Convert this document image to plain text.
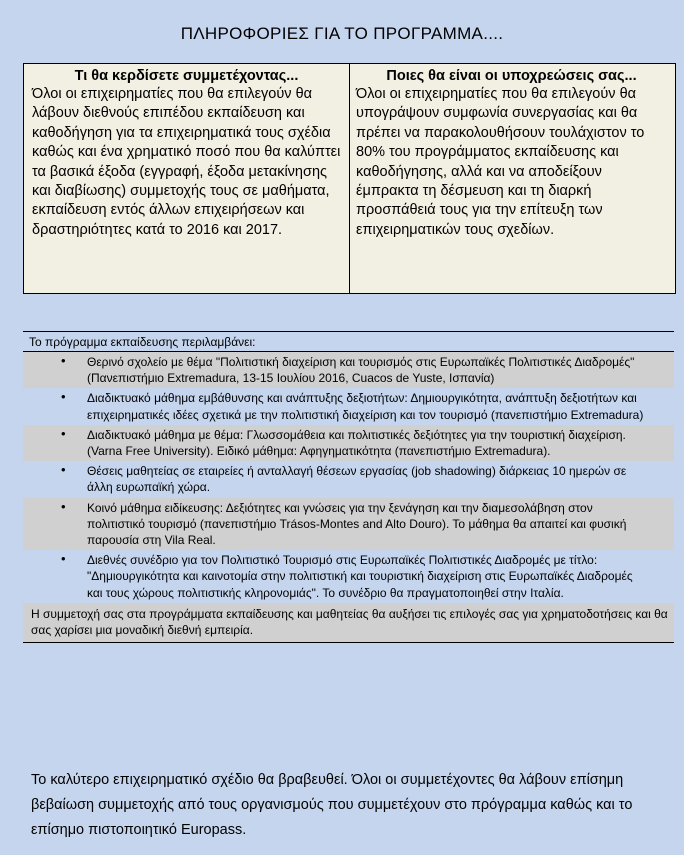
ΠΛΗΡΟΦΟΡΙΕΣ ΓΙΑ ΤΟ ΠΡΟΓΡΑΜΜΑ....
Τι θα κερδίσετε συμμετέχοντας...

Όλοι οι επιχειρηματίες που θα επιλεγούν θα λάβουν διεθνούς επιπέδου εκπαίδευση και καθοδήγηση για τα επιχειρηματικά τους σχέδια καθώς και ένα χρηματικό ποσό που θα καλύπτει τα βασικά έξοδα (εγγραφή, έξοδα μετακίνησης και διαβίωσης) συμμετοχής τους σε μαθήματα, εκπαίδευση εντός άλλων επιχειρήσεων και δραστηριότητες κατά το 2016 και 2017.

Ποιες θα είναι οι υποχρεώσεις σας...

Όλοι οι επιχειρηματίες που θα επιλεγούν θα υπογράψουν συμφωνία συνεργασίας και θα πρέπει να παρακολουθήσουν τουλάχιστον το 80% του προγράμματος εκπαίδευσης και καθοδήγησης, αλλά και να αποδείξουν έμπρακτα τη δέσμευση και τη διαρκή προσπάθειά τους για την επίτευξη των επιχειρηματικών τους σχεδίων.

Το πρόγραμμα εκπαίδευσης περιλαμβάνει:
• Θερινό σχολείο με θέμα "Πολιτιστική διαχείριση και τουρισμός στις Ευρωπαϊκές Πολιτιστικές Διαδρομές" (Πανεπιστήμιο Extremadura, 13-15 Ιουλίου 2016, Cuacos de Yuste, Ισπανία)
• Διαδικτυακό μάθημα εμβάθυνσης και ανάπτυξης δεξιοτήτων: Δημιουργικότητα, ανάπτυξη δεξιοτήτων και επιχειρηματικές ιδέες σχετικά με την πολιτιστική διαχείριση και τον τουρισμό (πανεπιστήμιο Extremadura)
• Διαδικτυακό μάθημα με θέμα: Γλωσσομάθεια και πολιτιστικές δεξιότητες για την τουριστική διαχείριση. (Varna Free University). Ειδικό μάθημα: Αφηγηματικότητα (πανεπιστήμιο Extremadura).
• Θέσεις μαθητείας σε εταιρείες ή ανταλλαγή θέσεων εργασίας (job shadowing) διάρκειας 10 ημερών σε άλλη ευρωπαϊκή χώρα.
• Κοινό μάθημα ειδίκευσης: Δεξιότητες και γνώσεις για την ξενάγηση και την διαμεσολάβηση στον πολιτιστικό τουρισμό (πανεπιστήμιο Trásos-Montes and Alto Douro). Το μάθημα θα απαιτεί και φυσική παρουσία στη Vila Real.
• Διεθνές συνέδριο για τον Πολιτιστικό Τουρισμό στις Ευρωπαϊκές Πολιτιστικές Διαδρομές με τίτλο: "Δημιουργικότητα και καινοτομία στην πολιτιστική και τουριστική διαχείριση στις Ευρωπαϊκές Διαδρομές και τους χώρους πολιτιστικής κληρονομιάς". Το συνέδριο θα πραγματοποιηθεί στην Ιταλία.
Η συμμετοχή σας στα προγράμματα εκπαίδευσης και μαθητείας θα αυξήσει τις επιλογές σας για χρηματοδοτήσεις και θα σας χαρίσει μια μοναδική διεθνή εμπειρία.
Το καλύτερο επιχειρηματικό σχέδιο θα βραβευθεί. Όλοι οι συμμετέχοντες θα λάβουν επίσημη βεβαίωση συμμετοχής από τους οργανισμούς που συμμετέχουν στο πρόγραμμα καθώς και το επίσημο πιστοποιητικό Europass.
